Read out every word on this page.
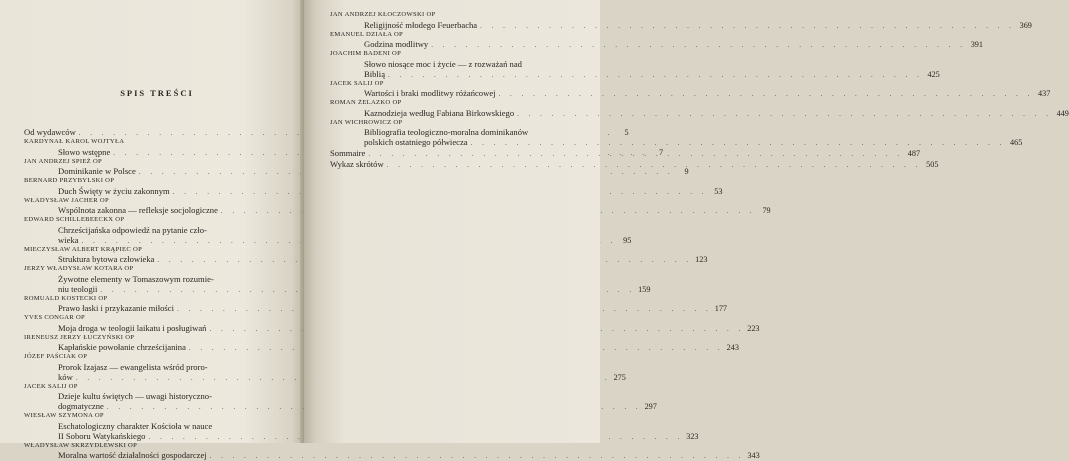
SPIS TREŚCI
Od wydawców . . .	5
KARDYNAŁ KAROL WOJTYŁA
Słowo wstępne . . .	7
JAN ANDRZEJ SPIEŻ OP
Dominikanie w Polsce . . .	9
BERNARD PRZYBYLSKI OP
Duch Święty w życiu zakonnym . . .	53
WŁADYSŁAW JACHER OP
Wspólnota zakonna — refleksje socjologiczne . . .	79
EDWARD SCHILLEBEECKX OP
Chrześcijańska odpowiedź na pytanie czło-
wieka . . .	95
MIECZYSŁAW ALBERT KRĄPIEC OP
Struktura bytowa człowieka . . .	123
JERZY WŁADYSŁAW KOTARA OP
Żywotne elementy w Tomaszowym rozumie-
niu teologii . . .	159
ROMUALD KOSTECKI OP
Prawo łaski i przykazanie miłości . . .	177
YVES CONGAR OP
Moja droga w teologii laikatu i posługiwań . . .	223
IRENEUSZ JERZY ŁUCZYŃSKI OP
Kapłańskie powołanie chrześcijanina . . .	243
JÓZEF PAŚCIAK OP
Prorok Izajasz — ewangelista wśród proro-
ków . . .	275
JACEK SALIJ OP
Dzieje kultu świętych — uwagi historyczno-
dogmatyczne . . .	297
WIESŁAW SZYMONA OP
Eschatologiczny charakter Kościoła w nauce
II Soboru Watykańskiego . . .	323
WŁADYSŁAW SKRZYDLEWSKI OP
Moralna wartość działalności gospodarczej . . .	343
JAN ANDRZEJ KŁOCZOWSKI OP
Religijność młodego Feuerbacha . . .	369
EMANUEL DZIAŁA OP
Godzina modlitwy . . .	391
JOACHIM BADENI OP
Słowo niosące moc i życie — z rozważań nad
Biblią . . .	425
JACEK SALIJ OP
Wartości i braki modlitwy różańcowej . . .	437
ROMAN ŻELAZKO OP
Kaznodzieja według Fabiana Birkowskiego . . .	449
JAN WICHROWICZ OP
Bibliografia teologiczno-moralna dominikanów
polskich ostatniego półwiecza . . .	465
Sommaire . . .	487
Wykaz skrótów . . .	505
